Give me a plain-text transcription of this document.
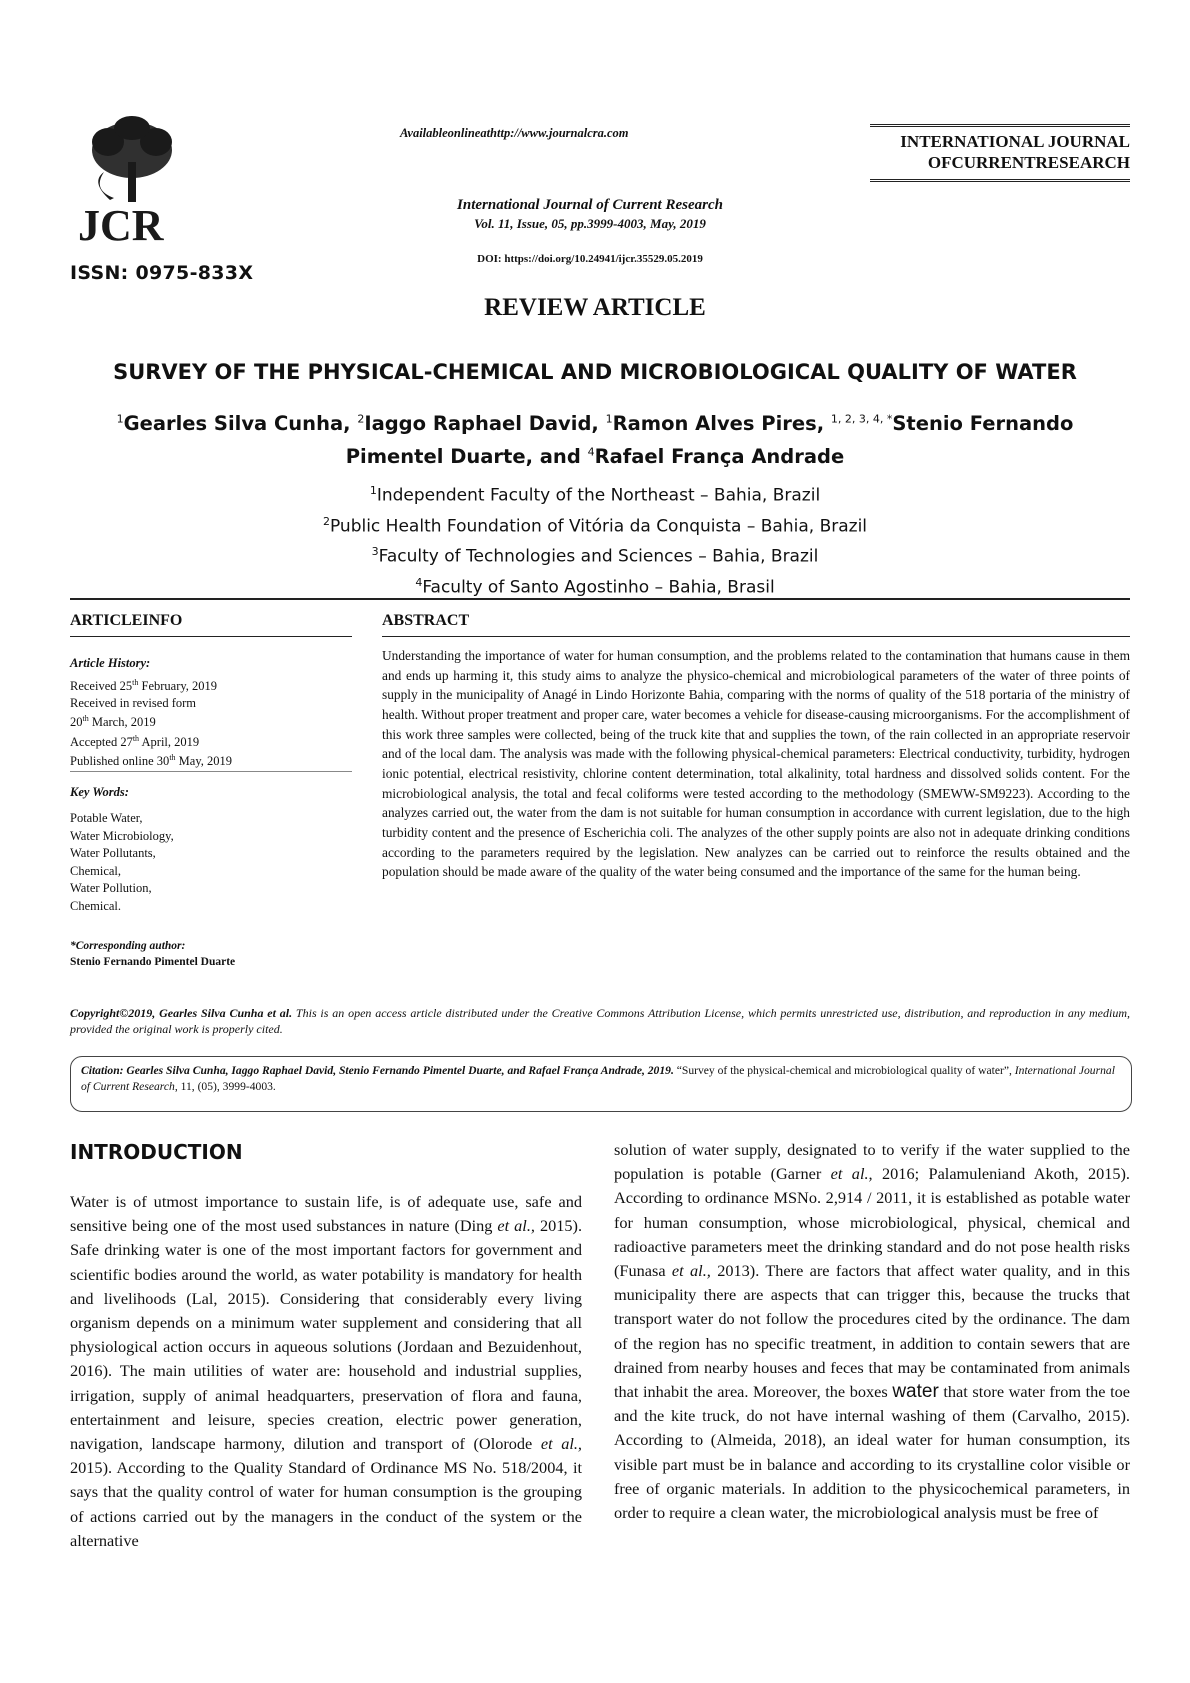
JCR
ISSN: 0975-833X
Availableonlineathttp://www.journalcra.com
International Journal of Current Research
Vol. 11, Issue, 05, pp.3999-4003, May, 2019
DOI: https://doi.org/10.24941/ijcr.35529.05.2019
INTERNATIONAL JOURNAL
OFCURRENTRESEARCH
REVIEW ARTICLE
SURVEY OF THE PHYSICAL-CHEMICAL AND MICROBIOLOGICAL QUALITY OF WATER
$^1$Gearles Silva Cunha, $^2$Iaggo Raphael David, $^1$Ramon Alves Pires, $^{1, 2, 3, 4, *}$Stenio Fernando Pimentel Duarte, and $^4$Rafael França Andrade
$^1$Independent Faculty of the Northeast – Bahia, Brazil
$^2$Public Health Foundation of Vitória da Conquista – Bahia, Brazil
$^3$Faculty of Technologies and Sciences – Bahia, Brazil
$^4$Faculty of Santo Agostinho – Bahia, Brasil
ARTICLEINFO
Article History:
Received 25th February, 2019
Received in revised form
20th March, 2019
Accepted 27th April, 2019
Published online 30th May, 2019
Key Words:
Potable Water,
Water Microbiology,
Water Pollutants,
Chemical,
Water Pollution,
Chemical.
*Corresponding author:
Stenio Fernando Pimentel Duarte
ABSTRACT
Understanding the importance of water for human consumption, and the problems related to the contamination that humans cause in them and ends up harming it, this study aims to analyze the physico-chemical and microbiological parameters of the water of three points of supply in the municipality of Anagé in Lindo Horizonte Bahia, comparing with the norms of quality of the 518 portaria of the ministry of health. Without proper treatment and proper care, water becomes a vehicle for disease-causing microorganisms. For the accomplishment of this work three samples were collected, being of the truck kite that and supplies the town, of the rain collected in an appropriate reservoir and of the local dam. The analysis was made with the following physical-chemical parameters: Electrical conductivity, turbidity, hydrogen ionic potential, electrical resistivity, chlorine content determination, total alkalinity, total hardness and dissolved solids content. For the microbiological analysis, the total and fecal coliforms were tested according to the methodology (SMEWW-SM9223). According to the analyzes carried out, the water from the dam is not suitable for human consumption in accordance with current legislation, due to the high turbidity content and the presence of Escherichia coli. The analyzes of the other supply points are also not in adequate drinking conditions according to the parameters required by the legislation. New analyzes can be carried out to reinforce the results obtained and the population should be made aware of the quality of the water being consumed and the importance of the same for the human being.
Copyright©2019, Gearles Silva Cunha et al. This is an open access article distributed under the Creative Commons Attribution License, which permits unrestricted use, distribution, and reproduction in any medium, provided the original work is properly cited.
Citation: Gearles Silva Cunha, Iaggo Raphael David, Stenio Fernando Pimentel Duarte, and Rafael França Andrade, 2019. “Survey of the physical-chemical and microbiological quality of water”, International Journal of Current Research, 11, (05), 3999-4003.
INTRODUCTION
Water is of utmost importance to sustain life, is of adequate use, safe and sensitive being one of the most used substances in nature (Ding et al., 2015). Safe drinking water is one of the most important factors for government and scientific bodies around the world, as water potability is mandatory for health and livelihoods (Lal, 2015). Considering that considerably every living organism depends on a minimum water supplement and considering that all physiological action occurs in aqueous solutions (Jordaan and Bezuidenhout, 2016). The main utilities of water are: household and industrial supplies, irrigation, supply of animal headquarters, preservation of flora and fauna, entertainment and leisure, species creation, electric power generation, navigation, landscape harmony, dilution and transport of (Olorode et al., 2015). According to the Quality Standard of Ordinance MS No. 518/2004, it says that the quality control of water for human consumption is the grouping of actions carried out by the managers in the conduct of the system or the alternative
solution of water supply, designated to to verify if the water supplied to the population is potable (Garner et al., 2016; Palamuleniand Akoth, 2015). According to ordinance MSNo. 2,914 / 2011, it is established as potable water for human consumption, whose microbiological, physical, chemical and radioactive parameters meet the drinking standard and do not pose health risks (Funasa et al., 2013). There are factors that affect water quality, and in this municipality there are aspects that can trigger this, because the trucks that transport water do not follow the procedures cited by the ordinance. The dam of the region has no specific treatment, in addition to contain sewers that are drained from nearby houses and feces that may be contaminated from animals that inhabit the area. Moreover, the boxes water that store water from the toe and the kite truck, do not have internal washing of them (Carvalho, 2015). According to (Almeida, 2018), an ideal water for human consumption, its visible part must be in balance and according to its crystalline color visible or free of organic materials. In addition to the physicochemical parameters, in order to require a clean water, the microbiological analysis must be free of
